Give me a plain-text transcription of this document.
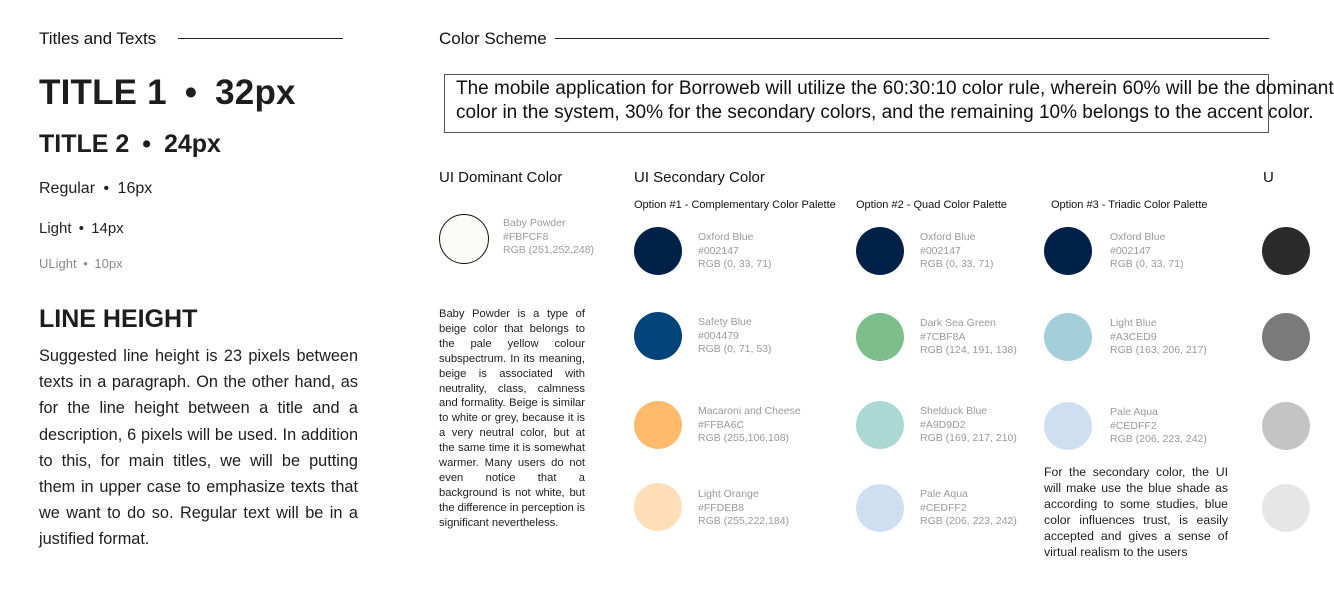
Titles and Texts
TITLE 1 • 32px
TITLE 2 • 24px
Regular • 16px
Light • 14px
ULight • 10px
LINE HEIGHT
Suggested line height is 23 pixels between texts in a paragraph. On the other hand, as for the line height between a title and a description, 6 pixels will be used. In addition to this, for main titles, we will be putting them in upper case to emphasize texts that we want to do so. Regular text will be in a justified format.
Color Scheme
The mobile application for Borroweb will utilize the 60:30:10 color rule, wherein 60% will be the dominant
color in the system, 30% for the secondary colors, and the remaining 10% belongs to the accent color.
UI Dominant Color
Baby Powder
#FBFCF8
RGB (251,252,248)
Baby Powder is a type of beige color that belongs to the pale yellow colour subspectrum. In its meaning, beige is associated with neutrality, class, calmness and formality. Beige is similar to white or grey, because it is a very neutral color, but at the same time it is somewhat warmer. Many users do not even notice that a background is not white, but the difference in perception is significant nevertheless.
UI Secondary Color
Option #1 - Complementary Color Palette
Oxford Blue
#002147
RGB (0, 33, 71)
Safety Blue
#004479
RGB (0, 71, 53)
Macaroni and Cheese
#FFBA6C
RGB (255,106,108)
Light Orange
#FFDEB8
RGB (255,222,184)
Option #2 - Quad Color Palette
Oxford Blue
#002147
RGB (0, 33, 71)
Dark Sea Green
#7CBF8A
RGB (124, 191, 138)
Shelduck Blue
#A9D9D2
RGB (169, 217, 210)
Pale Aqua
#CEDFF2
RGB (206, 223, 242)
Option #3 - Triadic Color Palette
Oxford Blue
#002147
RGB (0, 33, 71)
Light Blue
#A3CED9
RGB (163, 206, 217)
Pale Aqua
#CEDFF2
RGB (206, 223, 242)
For the secondary color, the UI will make use the blue shade as according to some studies, blue color influences trust, is easily accepted and gives a sense of virtual realism to the users
U
